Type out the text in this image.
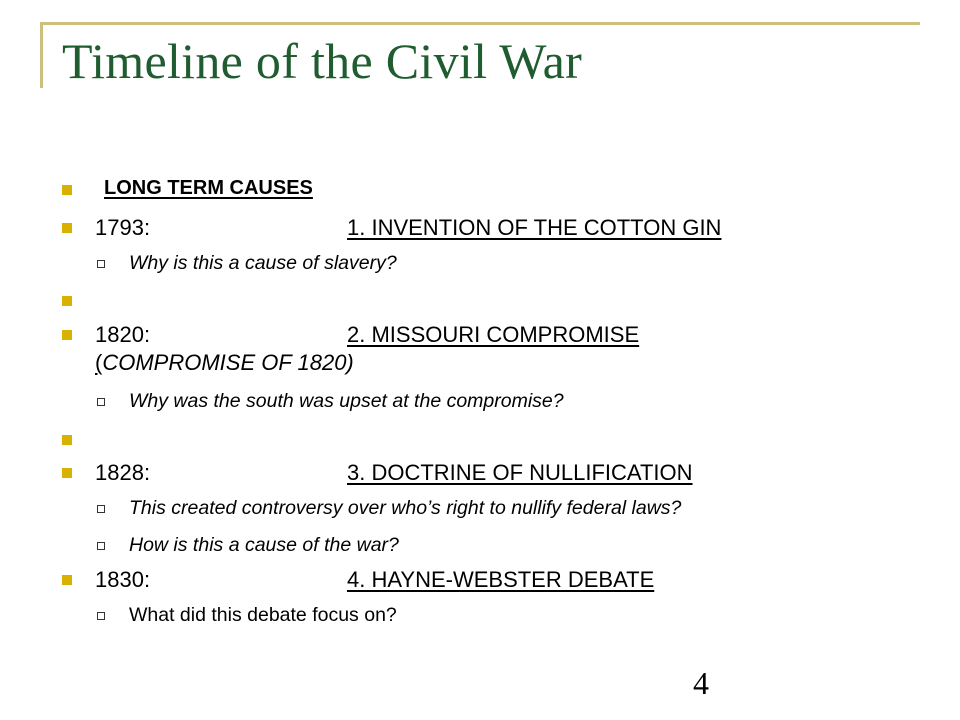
Timeline of the Civil War
LONG TERM CAUSES
1793:	1. INVENTION OF THE COTTON GIN
Why is this a cause of slavery?
1820:	2. MISSOURI COMPROMISE
(COMPROMISE OF 1820)
Why was the south was upset at the compromise?
1828:	3. DOCTRINE OF NULLIFICATION
This created controversy over who’s right to nullify federal laws?
How is this a cause of the war?
1830:	4. HAYNE-WEBSTER DEBATE
What did this debate focus on?
4
